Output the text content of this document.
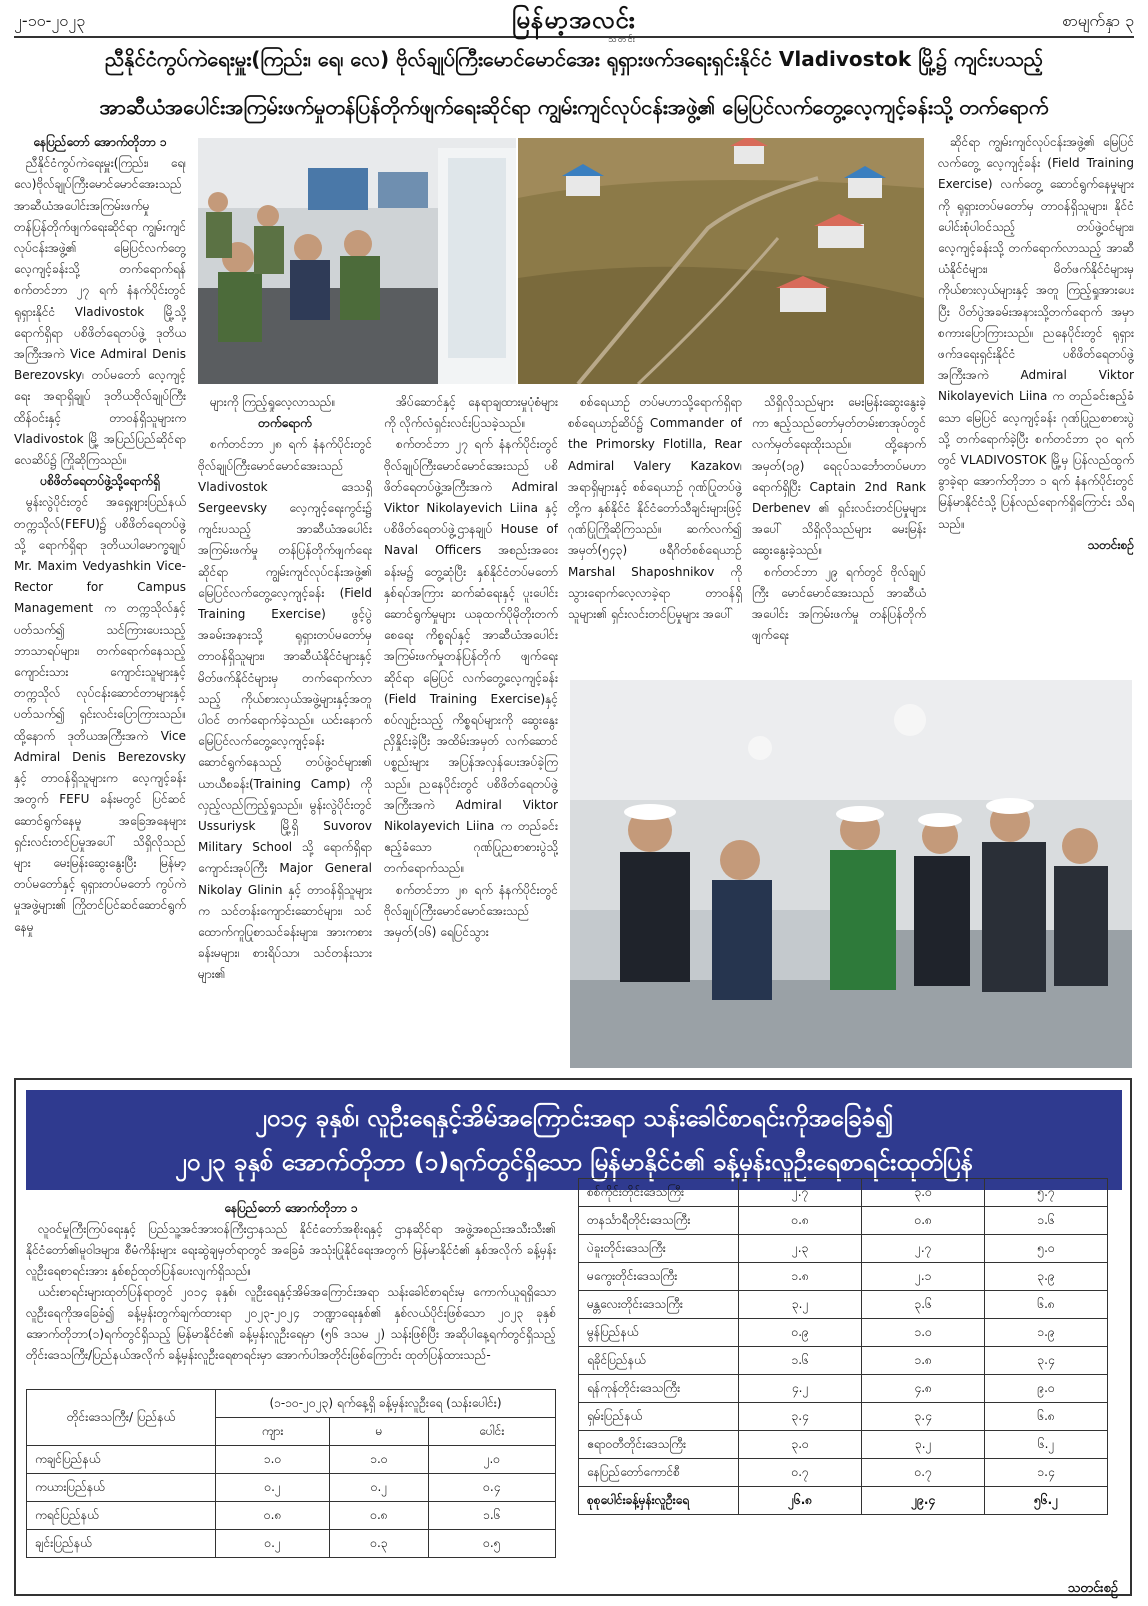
၂-၁၀-၂၀၂၃	မြန်မာ့အလင်း
သတင်း
စာမျက်နှာ ၃
ညီနိုင်ငံကွပ်ကဲရေးမှူး(ကြည်း၊ ရေ၊ လေ) ဗိုလ်ချုပ်ကြီးမောင်မောင်အေး ရုရှားဖက်ဒရေးရှင်းနိုင်ငံ Vladivostok မြို့၌ ကျင်းပသည့်
အာဆီယံအပေါင်းအကြမ်းဖက်မှုတန်ပြန်တိုက်ဖျက်ရေးဆိုင်ရာ ကျွမ်းကျင်လုပ်ငန်းအဖွဲ့၏ မြေပြင်လက်တွေ့လေ့ကျင့်ခန်းသို့ တက်ရောက်

နေပြည်တော် အောက်တိုဘာ ၁

ညီနိုင်ငံကွပ်ကဲရေးမှူး(ကြည်း၊ ရေ၊ လေ)ဗိုလ်ချုပ်ကြီးမောင်မောင်အေးသည် အာဆီယံအပေါင်းအကြမ်းဖက်မှု တန်ပြန်တိုက်ဖျက်ရေးဆိုင်ရာ ကျွမ်းကျင်လုပ်ငန်းအဖွဲ့၏ မြေပြင်လက်တွေ့လေ့ကျင့်ခန်းသို့ တက်ရောက်ရန် စက်တင်ဘာ ၂၇ ရက် နံနက်ပိုင်းတွင် ရုရှားနိုင်ငံ Vladivostok မြို့သို့ ရောက်ရှိရာ ပစိဖိတ်ရေတပ်ဖွဲ့ ဒုတိယအကြီးအကဲ Vice Admiral Denis Berezovsky၊ တပ်မတော် လေ့ကျင့်ရေး အရာရှိချုပ် ဒုတိယဗိုလ်ချုပ်ကြီးထိန်ဝင်းနှင့် တာဝန်ရှိသူများက Vladivostok မြို့ အပြည်ပြည်ဆိုင်ရာ လေဆိပ်၌ ကြိုဆိုကြသည်။

ပစိဖိတ်ရေတပ်ဖွဲ့သို့ရောက်ရှိ

မွန်းလွဲပိုင်းတွင် အရှေ့ဖျားပြည်နယ်တက္ကသိုလ်(FEFU)၌ ပစိဖိတ်ရေတပ်ဖွဲ့သို့ ရောက်ရှိရာ ဒုတိယပါမောက္ခချုပ် Mr. Maxim Vedyashkin Vice-Rector for Campus Management က တက္ကသိုလ်နှင့် ပတ်သက်၍ သင်ကြားပေးသည့် ဘာသာရပ်များ၊ တက်ရောက်နေသည့် ကျောင်းသား ကျောင်းသူများနှင့် တက္ကသိုလ် လုပ်ငန်းဆောင်တာများနှင့်ပတ်သက်၍ ရှင်းလင်းပြောကြားသည်။ ထို့နောက် ဒုတိယအကြီးအကဲ Vice Admiral Denis Berezovsky နှင့် တာဝန်ရှိသူများက လေ့ကျင့်ခန်းအတွက် FEFU ခန်းမတွင် ပြင်ဆင်ဆောင်ရွက်နေမှု အခြေအနေများ ရှင်းလင်းတင်ပြမှုအပေါ် သိရှိလိုသည်များ မေးမြန်းဆွေးနွေးပြီး မြန်မာ့တပ်မတော်နှင့် ရုရှားတပ်မတော် ကွပ်ကဲမှုအဖွဲ့များ၏ ကြိုတင်ပြင်ဆင်ဆောင်ရွက်နေမှု

များကို ကြည့်ရှုလေ့လာသည်။

တက်ရောက်

စက်တင်ဘာ ၂၈ ရက် နံနက်ပိုင်းတွင် ဗိုလ်ချုပ်ကြီးမောင်မောင်အေးသည် Vladivostok ဒေသရှိ Sergeevsky လေ့ကျင့်ရေးကွင်း၌ ကျင်းပသည့် အာဆီယံအပေါင်းအကြမ်းဖက်မှု တန်ပြန်တိုက်ဖျက်ရေးဆိုင်ရာ ကျွမ်းကျင်လုပ်ငန်းအဖွဲ့၏ မြေပြင်လက်တွေ့လေ့ကျင့်ခန်း (Field Training Exercise) ဖွင့်ပွဲအခမ်းအနားသို့ ရုရှားတပ်မတော်မှ တာဝန်ရှိသူများ၊ အာဆီယံနိုင်ငံများနှင့် မိတ်ဖက်နိုင်ငံများမှ တက်ရောက်လာသည့် ကိုယ်စားလှယ်အဖွဲ့များနှင့်အတူ ပါဝင် တက်ရောက်ခဲ့သည်။ ယင်းနောက် မြေပြင်လက်တွေ့လေ့ကျင့်ခန်း ဆောင်ရွက်နေသည့် တပ်ဖွဲ့ဝင်များ၏ ယာယီစခန်း(Training Camp) ကို လှည့်လည်ကြည့်ရှုသည်။ မွန်းလွဲပိုင်းတွင် Ussuriysk မြို့ရှိ Suvorov Military School သို့ ရောက်ရှိရာ ကျောင်းအုပ်ကြီး Major General Nikolay Glinin နှင့် တာဝန်ရှိသူများက သင်တန်းကျောင်းဆောင်များ၊ သင်ထောက်ကူပြုစာသင်ခန်းများ၊ အားကစားခန်းမများ၊ စားရိပ်သာ၊ သင်တန်းသားများ၏

အိပ်ဆောင်နှင့် နေရာချထားမှုပုံစံများကို လိုက်လံရှင်းလင်းပြသခဲ့သည်။

စက်တင်ဘာ ၂၇ ရက် နံနက်ပိုင်းတွင် ဗိုလ်ချုပ်ကြီးမောင်မောင်အေးသည် ပစိဖိတ်ရေတပ်ဖွဲ့အကြီးအကဲ Admiral Viktor Nikolayevich Liina နှင့် ပစိဖိတ်ရေတပ်ဖွဲ့ဌာနချုပ် House of Naval Officers အစည်းအဝေးခန်းမ၌ တွေ့ဆုံပြီး နှစ်နိုင်ငံတပ်မတော် နှစ်ရပ်အကြား ဆက်ဆံရေးနှင့် ပူးပေါင်းဆောင်ရွက်မှုများ ယခုထက်ပိုမိုတိုးတက်စေရေး ကိစ္စရပ်နှင့် အာဆီယံအပေါင်း အကြမ်းဖက်မှုတန်ပြန်တိုက် ဖျက်ရေးဆိုင်ရာ မြေပြင် လက်တွေ့လေ့ကျင့်ခန်း (Field Training Exercise)နှင့် စပ်လျဉ်းသည့် ကိစ္စရပ်များကို ဆွေးနွေးညှိနှိုင်းခဲ့ပြီး အထိမ်းအမှတ် လက်ဆောင်ပစ္စည်းများ အပြန်အလှန်ပေးအပ်ခဲ့ကြသည်။ ညနေပိုင်းတွင် ပစိဖိတ်ရေတပ်ဖွဲ့အကြီးအကဲ Admiral Viktor Nikolayevich Liina က တည်ခင်းဧည့်ခံသော ဂုဏ်ပြုညစာစားပွဲသို့ တက်ရောက်သည်။

စက်တင်ဘာ ၂၈ ရက် နံနက်ပိုင်းတွင် ဗိုလ်ချုပ်ကြီးမောင်မောင်အေးသည် အမှတ်(၁၆) ရေပြင်သွား

စစ်ရေယာဉ် တပ်မဟာသို့ရောက်ရှိရာ စစ်ရေယာဉ်ဆိပ်၌ Commander of the Primorsky Flotilla, Rear Admiral Valery Kazakov၊ အရာရှိများနှင့် စစ်ရေယာဉ် ဂုဏ်ပြုတပ်ဖွဲ့တို့က နှစ်နိုင်ငံ နိုင်ငံတော်သီချင်းများဖြင့် ဂုဏ်ပြုကြိုဆိုကြသည်။ ဆက်လက်၍ အမှတ်(၅၄၃) ဖရီဂိတ်စစ်ရေယာဉ် Marshal Shaposhnikov ကို သွားရောက်လေ့လာခဲ့ရာ တာဝန်ရှိသူများ၏ ရှင်းလင်းတင်ပြမှုများ အပေါ်

သိရှိလိုသည်များ မေးမြန်းဆွေးနွေးခဲ့ကာ ဧည့်သည်တော်မှတ်တမ်းစာအုပ်တွင် လက်မှတ်ရေးထိုးသည်။ ထို့နောက် အမှတ်(၁၉) ရေငုပ်သင်္ဘောတပ်မဟာ ရောက်ရှိပြီး Captain 2nd Rank Derbenev ၏ ရှင်းလင်းတင်ပြမှုများအပေါ် သိရှိလိုသည်များ မေးမြန်းဆွေးနွေးခဲ့သည်။

စက်တင်ဘာ ၂၉ ရက်တွင် ဗိုလ်ချုပ်ကြီး မောင်မောင်အေးသည် အာဆီယံအပေါင်း အကြမ်းဖက်မှု တန်ပြန်တိုက်ဖျက်ရေး

ဆိုင်ရာ ကျွမ်းကျင်လုပ်ငန်းအဖွဲ့၏ မြေပြင်လက်တွေ့ လေ့ကျင့်ခန်း (Field Training Exercise) လက်တွေ့ ဆောင်ရွက်နေမှုများကို ရုရှားတပ်မတော်မှ တာဝန်ရှိသူများ၊ နိုင်ငံပေါင်းစုံပါဝင်သည့် တပ်ဖွဲ့ဝင်များ၊ လေ့ကျင့်ခန်းသို့ တက်ရောက်လာသည့် အာဆီယံနိုင်ငံများ၊ မိတ်ဖက်နိုင်ငံများမှ ကိုယ်စားလှယ်များနှင့် အတူ ကြည့်ရှုအားပေးပြီး ပိတ်ပွဲအခမ်းအနားသို့တက်ရောက် အမှာစကားပြောကြားသည်။ ညနေပိုင်းတွင် ရုရှားဖက်ဒရေးရှင်းနိုင်ငံ ပစိဖိတ်ရေတပ်ဖွဲ့ အကြီးအကဲ Admiral Viktor Nikolayevich Liina က တည်ခင်းဧည့်ခံသော မြေပြင် လေ့ကျင့်ခန်း ဂုဏ်ပြုညစာစားပွဲသို့ တက်ရောက်ခဲ့ပြီး စက်တင်ဘာ ၃၀ ရက်တွင် VLADIVOSTOK မြို့မှ ပြန်လည်ထွက်ခွာခဲ့ရာ အောက်တိုဘာ ၁ ရက် နံနက်ပိုင်းတွင် မြန်မာနိုင်ငံသို့ ပြန်လည်ရောက်ရှိကြောင်း သိရသည်။

သတင်းစဉ်

၂၀၁၄ ခုနှစ်၊ လူဦးရေနှင့်အိမ်အကြောင်းအရာ သန်းခေါင်စာရင်းကိုအခြေခံ၍
၂၀၂၃ ခုနှစ် အောက်တိုဘာ (၁)ရက်တွင်ရှိသော မြန်မာနိုင်ငံ၏ ခန့်မှန်းလူဦးရေစာရင်းထုတ်ပြန်

နေပြည်တော် အောက်တိုဘာ ၁

လူဝင်မှုကြီးကြပ်ရေးနှင့် ပြည်သူ့အင်အားဝန်ကြီးဌာနသည် နိုင်ငံတော်အစိုးရနှင့် ဌာနဆိုင်ရာ အဖွဲ့အစည်းအသီးသီး၏ နိုင်ငံတော်၏မူဝါဒများ၊ စီမံကိန်းများ ရေးဆွဲချမှတ်ရာတွင် အခြေခံ အသုံးပြုနိုင်ရေးအတွက် မြန်မာနိုင်ငံ၏ နှစ်အလိုက် ခန့်မှန်းလူဦးရေစာရင်းအား နှစ်စဉ်ထုတ်ပြန်ပေးလျက်ရှိသည်။

ယင်းစာရင်းများထုတ်ပြန်ရာတွင် ၂၀၁၄ ခုနှစ်၊ လူဦးရေနှင့်အိမ်အကြောင်းအရာ သန်းခေါင်စာရင်းမှ ကောက်ယူရရှိသော လူဦးရေကိုအခြေခံ၍ ခန့်မှန်းတွက်ချက်ထားရာ ၂၀၂၃-၂၀၂၄ ဘဏ္ဍာရေးနှစ်၏ နှစ်လယ်ပိုင်းဖြစ်သော ၂၀၂၃ ခုနှစ် အောက်တိုဘာ(၁)ရက်တွင်ရှိသည့် မြန်မာနိုင်ငံ၏ ခန့်မှန်းလူဦးရေမှာ (၅၆ ဒသမ ၂) သန်းဖြစ်ပြီး အဆိုပါနေ့ရက်တွင်ရှိသည့် တိုင်းဒေသကြီး/ပြည်နယ်အလိုက် ခန့်မှန်းလူဦးရေစာရင်းမှာ အောက်ပါအတိုင်းဖြစ်ကြောင်း ထုတ်ပြန်ထားသည်-

တိုင်းဒေသကြီး/ ပြည်နယ်	(၁-၁၀-၂၀၂၃) ရက်နေ့ရှိ ခန့်မှန်းလူဦးရေ (သန်းပေါင်း)		
	ကျား	မ	ပေါင်း
ကချင်ပြည်နယ်	၁.၀	၁.၀	၂.၀
ကယားပြည်နယ်	၀.၂	၀.၂	၀.၄
ကရင်ပြည်နယ်	၀.၈	၀.၈	၁.၆
ချင်းပြည်နယ်	၀.၂	၀.၃	၀.၅
စစ်ကိုင်းတိုင်းဒေသကြီး	၂.၇	၃.၀	၅.၇
တနင်္သာရီတိုင်းဒေသကြီး	၀.၈	၀.၈	၁.၆
ပဲခူးတိုင်းဒေသကြီး	၂.၃	၂.၇	၅.၀
မကွေးတိုင်းဒေသကြီး	၁.၈	၂.၁	၃.၉
မန္တလေးတိုင်းဒေသကြီး	၃.၂	၃.၆	၆.၈
မွန်ပြည်နယ်	၀.၉	၁.၀	၁.၉
ရခိုင်ပြည်နယ်	၁.၆	၁.၈	၃.၄
ရန်ကုန်တိုင်းဒေသကြီး	၄.၂	၄.၈	၉.၀
ရှမ်းပြည်နယ်	၃.၄	၃.၄	၆.၈
ဧရာဝတီတိုင်းဒေသကြီး	၃.၀	၃.၂	၆.၂
နေပြည်တော်ကောင်စီ	၀.၇	၀.၇	၁.၄
စုစုပေါင်းခန့်မှန်းလူဦးရေ	၂၆.၈	၂၉.၄	၅၆.၂
သတင်းစဉ်
